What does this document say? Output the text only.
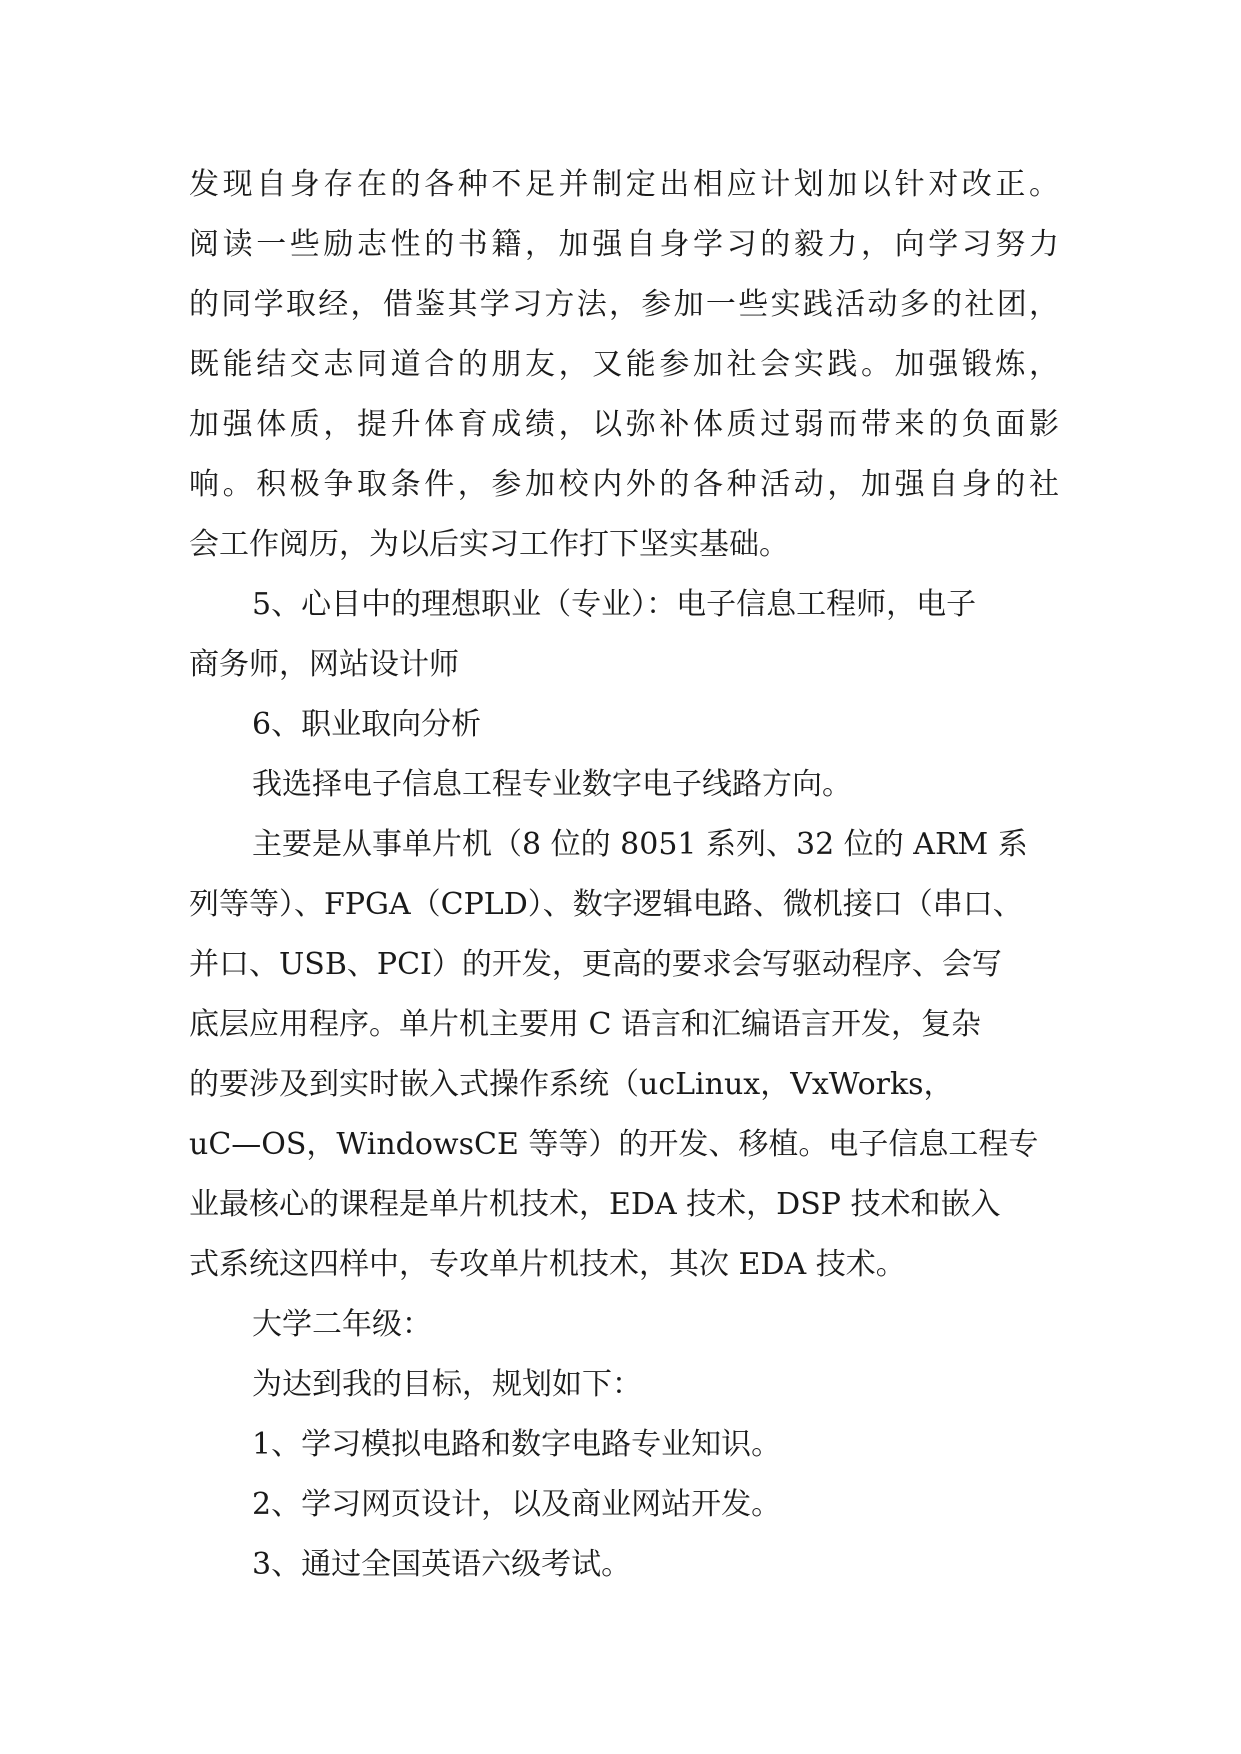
发现自身存在的各种不足并制定出相应计划加以针对改正。
阅读一些励志性的书籍，加强自身学习的毅力，向学习努力
的同学取经，借鉴其学习方法，参加一些实践活动多的社团，
既能结交志同道合的朋友，又能参加社会实践。加强锻炼，
加强体质，提升体育成绩，以弥补体质过弱而带来的负面影
响。积极争取条件，参加校内外的各种活动，加强自身的社
会工作阅历，为以后实习工作打下坚实基础。
5、心目中的理想职业（专业）：电子信息工程师，电子
商务师，网站设计师
6、职业取向分析
我选择电子信息工程专业数字电子线路方向。
主要是从事单片机（8 位的 8051 系列、32 位的 ARM 系
列等等）、FPGA（CPLD）、数字逻辑电路、微机接口（串口、
并口、USB、PCI）的开发，更高的要求会写驱动程序、会写
底层应用程序。单片机主要用 C 语言和汇编语言开发，复杂
的要涉及到实时嵌入式操作系统（ucLinux，VxWorks，
uC—OS，WindowsCE 等等）的开发、移植。电子信息工程专
业最核心的课程是单片机技术，EDA 技术，DSP 技术和嵌入
式系统这四样中，专攻单片机技术，其次 EDA 技术。
大学二年级：
为达到我的目标，规划如下：
1、学习模拟电路和数字电路专业知识。
2、学习网页设计，以及商业网站开发。
3、通过全国英语六级考试。
